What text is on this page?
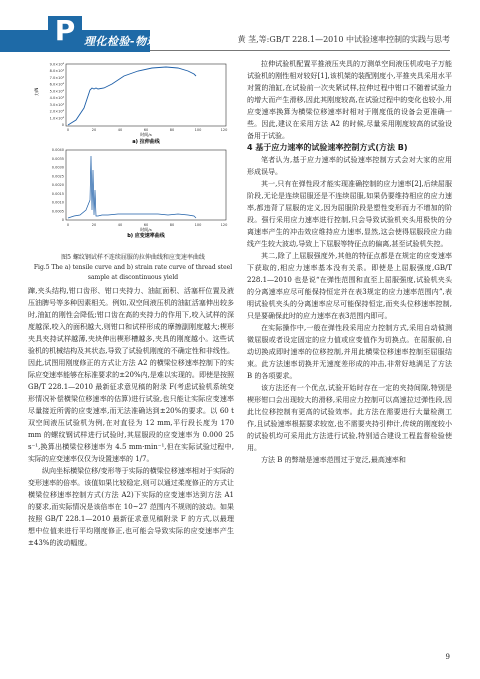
P 理化检验-物理分册	黄 茎,等:GB/T 228.1—2010 中试验速率控制的实践与思考
0
1.0×10⁴
2.0×10⁴
3.0×10⁴
4.0×10⁴
5.0×10⁴
6.0×10⁴
7.0×10⁴
8.0×10⁴
9.0×10⁴
力/N
0	20	40	60	80	100	120
时间/s
a) 拉伸曲线
0
0.0005
0.0010
0.0015
0.0020
0.0025
0.0030
0.0035
0.0040
0	20	40	60	80	100	120
时间/s
b) 应变速率曲线
图5 螺纹钢试样不连续屈服的拉伸曲线和应变速率曲线
Fig.5 The a) tensile curve and b) strain rate curve of thread steel sample at discontinuous yield

蹿,夹头结构,钳口齿形、钳口夹持力、油缸面积、活塞杆位置及液压油脾号等多种因素相关。例如,双空间液压机的油缸活塞伸出较多时,油缸的刚性会降低;钳口齿在高的夹持力的作用下,咬入试样的深度越深,咬入的面积越大,则钳口和试样形成的摩擦副刚度越大;楔形夹具夹持试样越薄,夹块伸出楔形槽越多,夹具的刚度越小。这些试验机的机械结构及其状态,导致了试验机刚度的不确定性和非线性。因此,试图用刚度修正的方式让方法 A2 的横梁位移速率控制下的实际应变速率能够在标准要求的±20%内,是难以实现的。即使是按照 GB/T 228.1—2010 最新征求意见稿的附录 F(考虑试验机系统变形情况补偿横梁位移速率的估算)进行试验,也只能让实际应变速率尽量接近所需的应变速率,而无法准确达到±20%的要求。以 60 t 双空间液压试验机为例,在对直径为 12 mm,平行段长度为 170 mm 的螺纹钢试样进行试验时,其屈服段的应变速率为 0.000 25 s⁻¹,换算出横梁位移速率为 4.5 mm·min⁻¹,但在实际试验过程中,实际的应变速率仅仅为设置速率的 1/7。

纵向坐标横梁位移/变形等于实际的横梁位移速率相对于实际的变形速率的倍率。该值如果比较稳定,则可以通过柔度修正的方式让横梁位移速率控制方式(方法 A2)下实际的应变速率达到方法 A1 的要求,而实际情况是该倍率在 10~27 范围内不规则的波动。如果按照 GB/T 228.1—2010 最新征求意见稿附录 F 的方式,以最理想中位值来进行平均刚度修正,也可能会导致实际的应变速率产生 ±43%的波动幅度。

拉伸试验机配置平推液压夹具的万测单空间液压机或电子万能试验机的刚性相对较好[1],该机架的装配刚度小,平推夹具采用水平对置的油缸,在试验前一次夹紧试样,拉伸过程中钳口不随着试验力的增大而产生滑移,因此其刚度较高,在试验过程中的变化也较小,用应变速率换算为横梁位移速率时相对于刚度低的设备会更准确一些。因此,建议在采用方法 A2 的时候,尽量采用刚度较高的试验设备用于试验。

4 基于应力速率的试验速率控制方式(方法 B)

笔者认为,基于应力速率的试验速率控制方式会对大家的应用形成误导。

其一,只有在弹性段才能实现准确控制的应力速率[2],后续屈服阶段,无论是连续屈服还是不连续屈服,如果仍要维持相应的应力速率,都违背了屈服的定义,因为屈服阶段是塑性变形而力不增加的阶段。强行采用应力速率进行控制,只会导致试验机夹头用极快的分离速率产生的冲击效应维持应力速率,显然,这会使得屈服段应力曲线产生较大波动,导致上下屈服等特征点的偏离,甚至试验机失控。

其二,除了上屈服强度外,其他的特征点都是在规定的应变速率下获取的,相应力速率基本没有关系。即使是上屈服强度,GB/T 228.1—2010 也是说“在弹性范围和直至上屈服强度,试验机夹头的分离速率应尽可能保持恒定并在表3规定的应力速率范围内”,表明试验机夹头的分离速率应尽可能保持恒定,而夹头位移速率控制,只是要确保此时的应力速率在表3范围内即可。

在实际操作中,一般在弹性段采用应力控制方式,采用自动偵测微屈服或者设定固定的应力值或应变值作为切换点。在屈服前,自动切换成即时速率的位移控制,并用此横梁位移速率控制至屈服结束。此方法速率切换并无速度差形成的冲击,非常好地满足了方法 B 的各项要求。

该方法还有一个优点,试验开始时存在一定的夹持间隙,特别是楔形钳口会出现较大的滑移,采用应力控制可以高速拉过弹性段,因此比位移控制有更高的试验效率。此方法在需要进行大量检测工作,且试验速率根据要求较宽,也不需要夹持引伸计,传统的刚度较小的试验机均可采用此方法进行试验,特别适合建设工程监督检验使用。

方法 B 的弊端是速率范围过于宽泛,最高速率和

9
